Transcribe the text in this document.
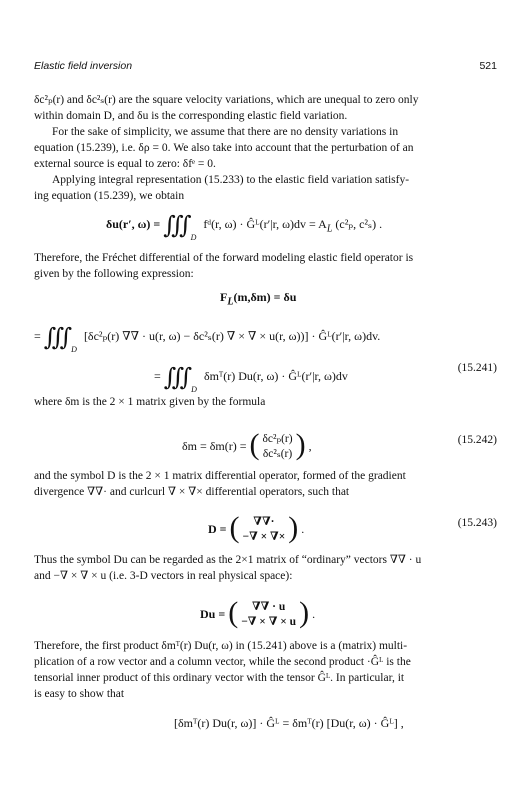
Elastic field inversion	521

δc²ₚ(r) and δc²ₛ(r) are the square velocity variations, which are unequal to zero only

within domain D, and δu is the corresponding elastic field variation.

For the sake of simplicity, we assume that there are no density variations in

equation (15.239), i.e. δρ = 0. We also take into account that the perturbation of an

external source is equal to zero: δfᵉ = 0.

Applying integral representation (15.233) to the elastic field variation satisfy-

ing equation (15.239), we obtain

δu(r′, ω) = ∭ $_D$ fᵈ(r, ω) · Ĝᴸ(r′|r, $\omega)dv = A_L$ (c²ₚ, c²ₛ) .

Therefore, the Fréchet differential of the forward modeling elastic field operator is

given by the following expression:

$F_L(m,\delta m) = \delta u$
= ∭ $_D$ [δc²ₚ(r) ∇∇ · u(r, ω) − δc²ₛ(r) ∇ × ∇ × u(r, ω))] · Ĝᴸ(r′|r, ω)dv.
= ∭ $_D$ δmᵀ(r) Du(r, ω) · Ĝᴸ(r′|r, ω)dv
(15.241)

where δm is the 2 × 1 matrix given by the formula

δm = δm(r) = ( δc²ₚ(r)
δc²ₛ(r) ) ,	(15.242)

and the symbol D is the 2 × 1 matrix differential operator, formed of the gradient

divergence ∇∇· and curlcurl ∇ × ∇× differential operators, such that

D = ( ∇∇·
−∇ × ∇× ) .	(15.243)

Thus the symbol Du can be regarded as the 2×1 matrix of “ordinary” vectors ∇∇ · u

and −∇ × ∇ × u (i.e. 3-D vectors in real physical space):

Du = ( ∇∇ · u
−∇ × ∇ × u ) .

Therefore, the first product δmᵀ(r) Du(r, ω) in (15.241) above is a (matrix) multi-

plication of a row vector and a column vector, while the second product ·Ĝᴸ is the

tensorial inner product of this ordinary vector with the tensor Ĝᴸ. In particular, it

is easy to show that

[δmᵀ(r) Du(r, ω)] · Ĝᴸ = δmᵀ(r) [Du(r, ω) · Ĝᴸ] ,
